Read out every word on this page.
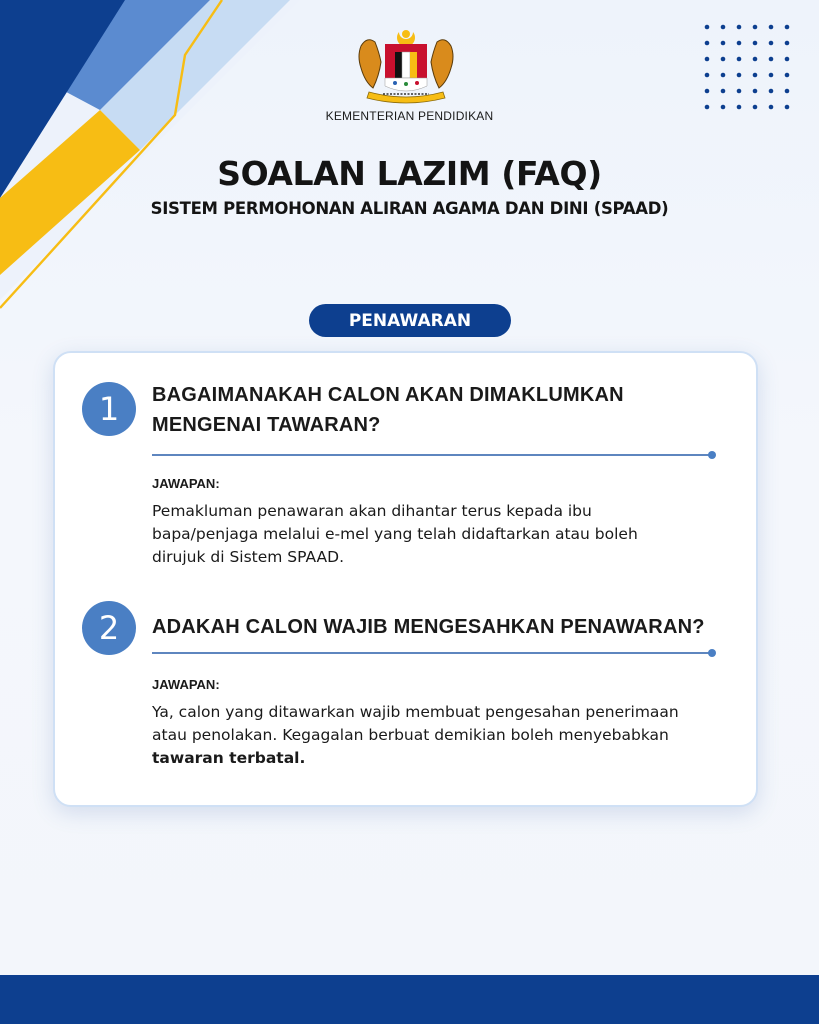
KEMENTERIAN PENDIDIKAN
SOALAN LAZIM (FAQ)
SISTEM PERMOHONAN ALIRAN AGAMA DAN DINI (SPAAD)
PENAWARAN
1	BAGAIMANAKAH CALON AKAN DIMAKLUMKAN
MENGENAI TAWARAN?
JAWAPAN:
Pemakluman penawaran akan dihantar terus kepada ibu
bapa/penjaga melalui e-mel yang telah didaftarkan atau boleh
dirujuk di Sistem SPAAD.
2	ADAKAH CALON WAJIB MENGESAHKAN PENAWARAN?
JAWAPAN:
Ya, calon yang ditawarkan wajib membuat pengesahan penerimaan
atau penolakan. Kegagalan berbuat demikian boleh menyebabkan
tawaran terbatal.
